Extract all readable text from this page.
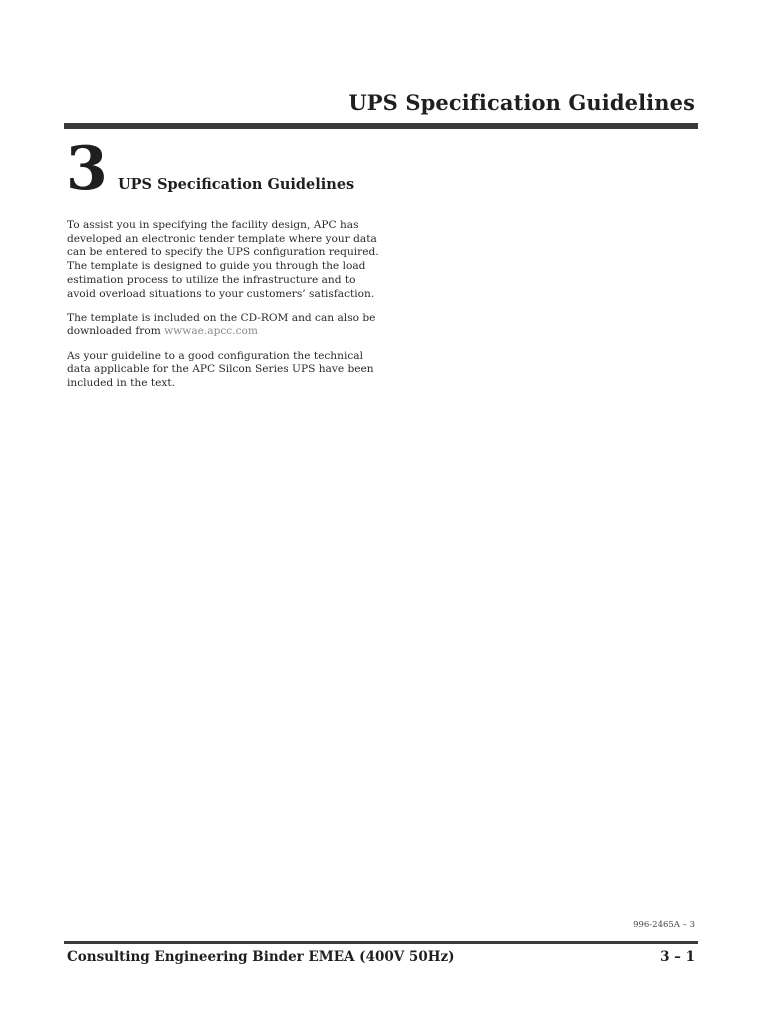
UPS Specification Guidelines
3 UPS Specification Guidelines

To assist you in specifying the facility design, APC has developed an electronic tender template where your data can be entered to specify the UPS configuration required. The template is designed to guide you through the load estimation process to utilize the infrastructure and to avoid overload situations to your customers’ satisfaction.

The template is included on the CD-ROM and can also be downloaded from wwwae.apcc.com

As your guideline to a good configuration the technical data applicable for the APC Silcon Series UPS have been included in the text.

996-2465A – 3
Consulting Engineering Binder EMEA (400V 50Hz)	3 – 1
